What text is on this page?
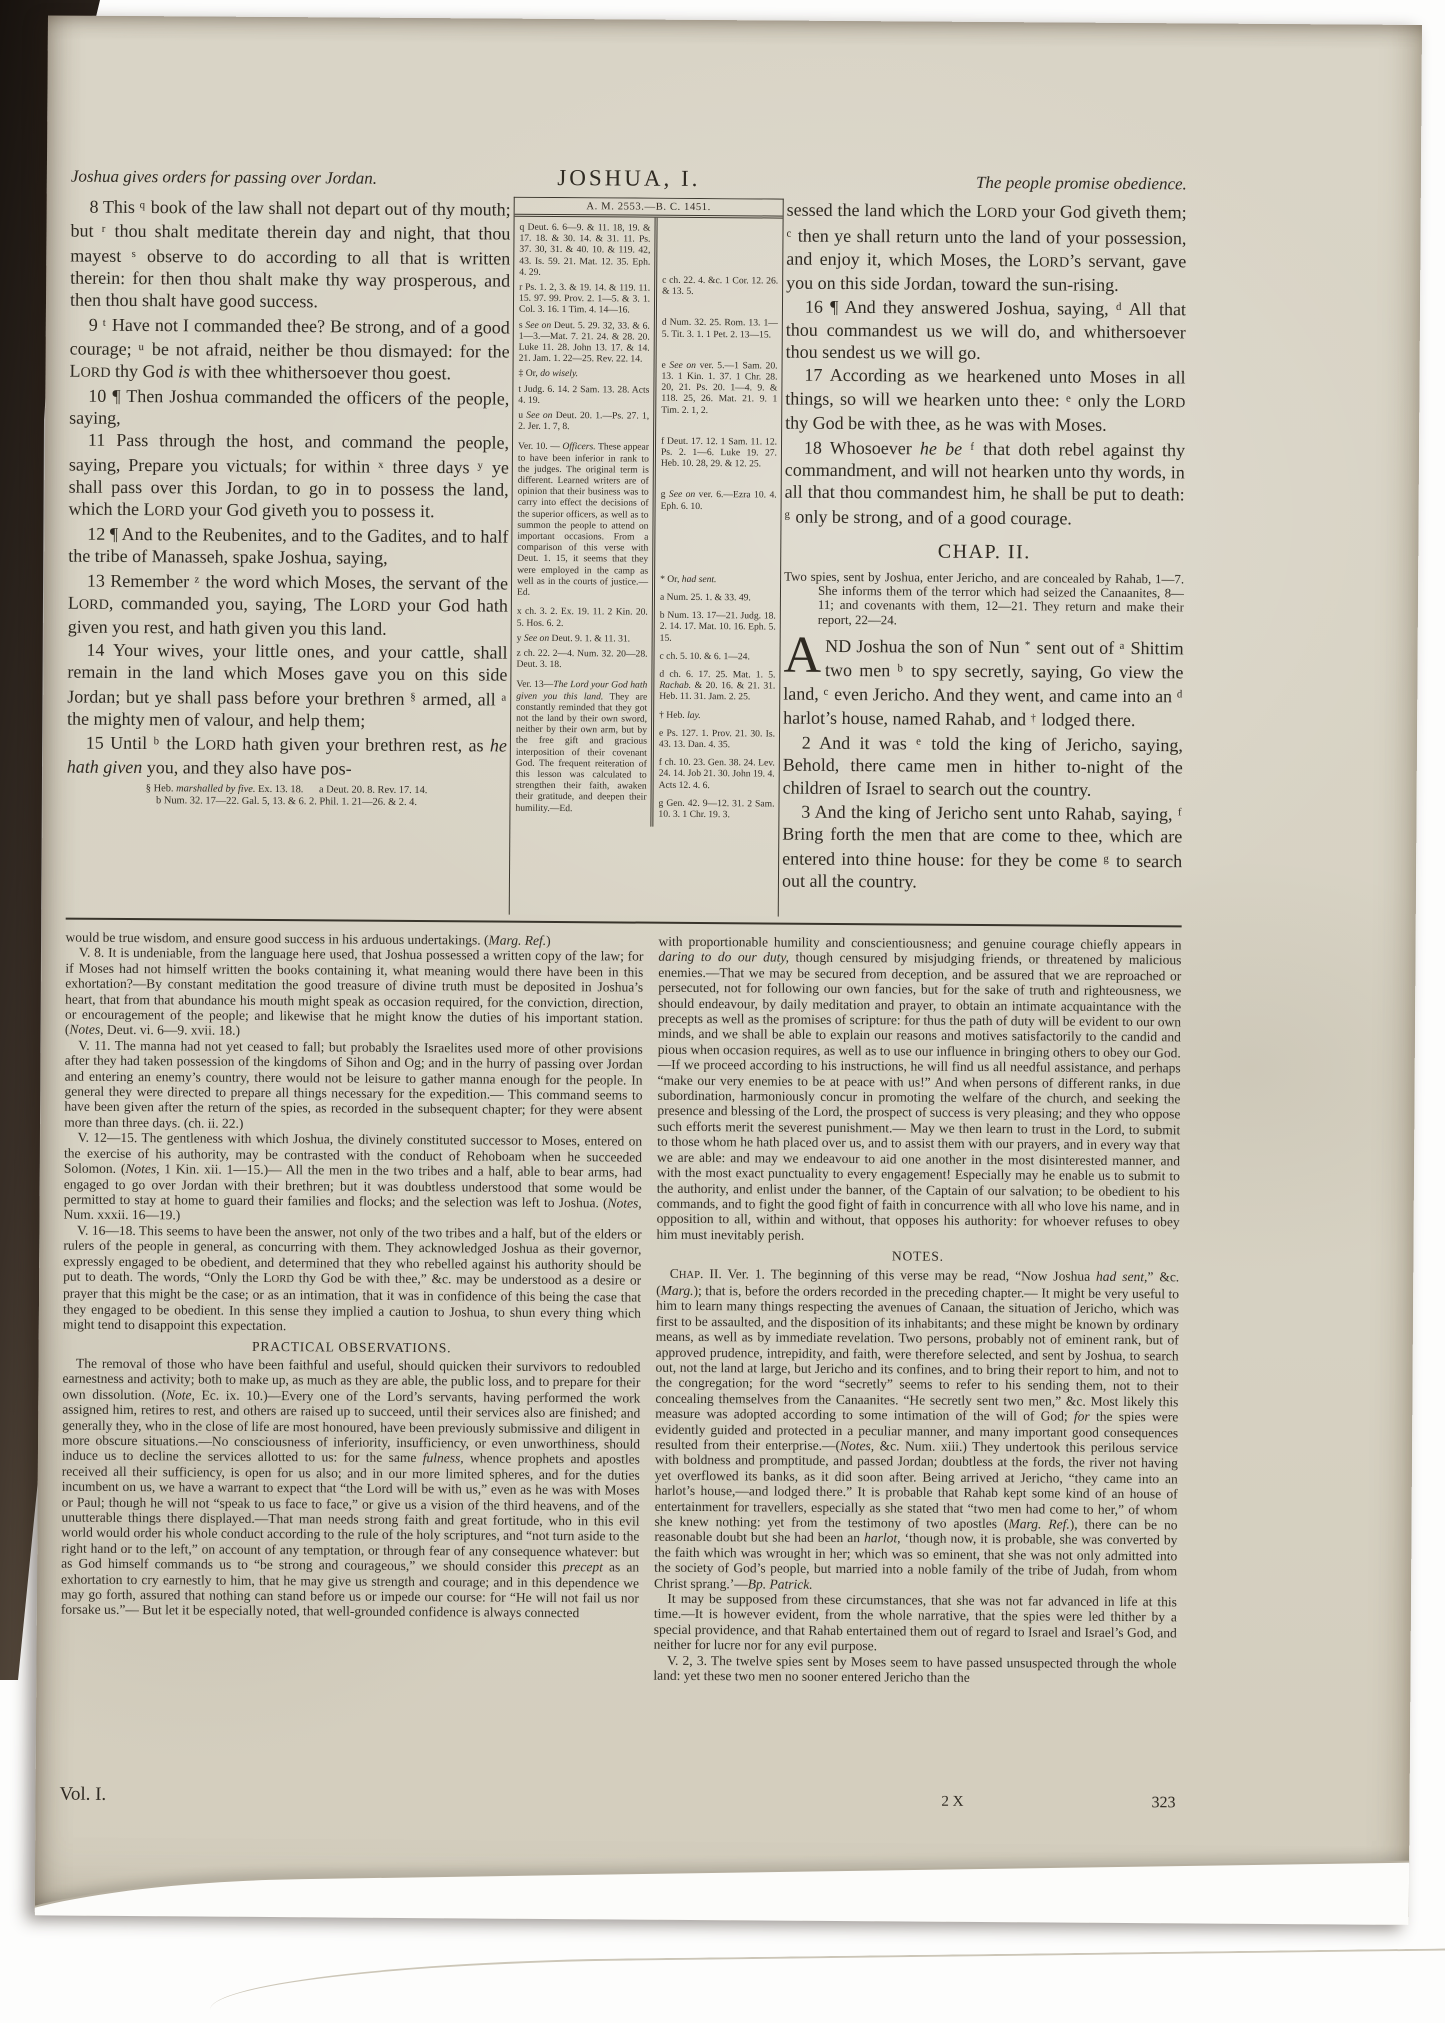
Joshua gives orders for passing over Jordan.	JOSHUA, I.	The people promise obedience.

8 This $^q$ book of the law shall not depart out of thy mouth; but $^r$ thou shalt meditate therein day and night, that thou mayest $^s$ observe to do according to all that is written therein: for then thou shalt make thy way prosperous, and then thou shalt have good success.

9 $^t$ Have not I commanded thee? Be strong, and of a good courage; $^u$ be not afraid, neither be thou dismayed: for the LORD thy God is with thee whithersoever thou goest.

10 ¶ Then Joshua commanded the officers of the people, saying,

11 Pass through the host, and command the people, saying, Prepare you victuals; for within $^x$ three days $^y$ ye shall pass over this Jordan, to go in to possess the land, which the LORD your God giveth you to possess it.

12 ¶ And to the Reubenites, and to the Gadites, and to half the tribe of Manasseh, spake Joshua, saying,

13 Remember $^z$ the word which Moses, the servant of the LORD, commanded you, saying, The LORD your God hath given you rest, and hath given you this land.

14 Your wives, your little ones, and your cattle, shall remain in the land which Moses gave you on this side Jordan; but ye shall pass before your brethren § armed, all $^a$ the mighty men of valour, and help them;

15 Until $^b$ the LORD hath given your brethren rest, as he hath given you, and they also have pos-

§ Heb. marshalled by five. Ex. 13. 18.      a Deut. 20. 8. Rev. 17. 14.

b Num. 32. 17—22. Gal. 5, 13. & 6. 2. Phil. 1. 21—26. & 2. 4.

A. M. 2553.—B. C. 1451.
q Deut. 6. 6—9. & 11. 18, 19. & 17. 18. & 30. 14. & 31. 11. Ps. 37. 30, 31. & 40. 10. & 119. 42, 43. Is. 59. 21. Mat. 12. 35. Eph. 4. 29.
r Ps. 1. 2, 3. & 19. 14. & 119. 11. 15. 97. 99. Prov. 2. 1—5. & 3. 1. Col. 3. 16. 1 Tim. 4. 14—16.
s See on Deut. 5. 29. 32, 33. & 6. 1—3.—Mat. 7. 21. 24. & 28. 20. Luke 11. 28. John 13. 17. & 14. 21. Jam. 1. 22—25. Rev. 22. 14.
‡ Or, do wisely.
t Judg. 6. 14. 2 Sam. 13. 28. Acts 4. 19.
u See on Deut. 20. 1.—Ps. 27. 1, 2. Jer. 1. 7, 8.
Ver. 10. — Officers. These appear to have been inferior in rank to the judges. The original term is different. Learned writers are of opinion that their business was to carry into effect the decisions of the superior officers, as well as to summon the people to attend on important occasions. From a comparison of this verse with Deut. 1. 15, it seems that they were employed in the camp as well as in the courts of justice.—Ed.
x ch. 3. 2. Ex. 19. 11. 2 Kin. 20. 5. Hos. 6. 2.
y See on Deut. 9. 1. & 11. 31.
z ch. 22. 2—4. Num. 32. 20—28. Deut. 3. 18.
Ver. 13—The Lord your God hath given you this land. They are constantly reminded that they got not the land by their own sword, neither by their own arm, but by the free gift and gracious interposition of their covenant God. The frequent reiteration of this lesson was calculated to strengthen their faith, awaken their gratitude, and deepen their humility.—Ed.
c ch. 22. 4. &c. 1 Cor. 12. 26. & 13. 5.
d Num. 32. 25. Rom. 13. 1—5. Tit. 3. 1. 1 Pet. 2. 13—15.
e See on ver. 5.—1 Sam. 20. 13. 1 Kin. 1. 37. 1 Chr. 28. 20, 21. Ps. 20. 1—4. 9. & 118. 25, 26. Mat. 21. 9. 1 Tim. 2. 1, 2.
f Deut. 17. 12. 1 Sam. 11. 12. Ps. 2. 1—6. Luke 19. 27. Heb. 10. 28, 29. & 12. 25.
g See on ver. 6.—Ezra 10. 4. Eph. 6. 10.
* Or, had sent.
a Num. 25. 1. & 33. 49.
b Num. 13. 17—21. Judg. 18. 2. 14. 17. Mat. 10. 16. Eph. 5. 15.
c ch. 5. 10. & 6. 1—24.
d ch. 6. 17. 25. Mat. 1. 5. Rachab. & 20. 16. & 21. 31. Heb. 11. 31. Jam. 2. 25.
† Heb. lay.
e Ps. 127. 1. Prov. 21. 30. Is. 43. 13. Dan. 4. 35.
f ch. 10. 23. Gen. 38. 24. Lev. 24. 14. Job 21. 30. John 19. 4. Acts 12. 4. 6.
g Gen. 42. 9—12. 31. 2 Sam. 10. 3. 1 Chr. 19. 3.

sessed the land which the LORD your God giveth them; $^c$ then ye shall return unto the land of your possession, and enjoy it, which Moses, the LORD’s servant, gave you on this side Jordan, toward the sun-rising.

16 ¶ And they answered Joshua, saying, $^d$ All that thou commandest us we will do, and whithersoever thou sendest us we will go.

17 According as we hearkened unto Moses in all things, so will we hearken unto thee: $^e$ only the LORD thy God be with thee, as he was with Moses.

18 Whosoever he be $^f$ that doth rebel against thy commandment, and will not hearken unto thy words, in all that thou commandest him, he shall be put to death: $^g$ only be strong, and of a good courage.

CHAP. II.
Two spies, sent by Joshua, enter Jericho, and are concealed by Rahab, 1—7. She informs them of the terror which had seized the Canaanites, 8—11; and covenants with them, 12—21. They return and make their report, 22—24.

AND Joshua the son of Nun * sent out of $^a$ Shittim two men $^b$ to spy secretly, saying, Go view the land, $^c$ even Jericho. And they went, and came into an $^d$ harlot’s house, named Rahab, and † lodged there.

2 And it was $^e$ told the king of Jericho, saying, Behold, there came men in hither to-night of the children of Israel to search out the country.

3 And the king of Jericho sent unto Rahab, saying, $^f$ Bring forth the men that are come to thee, which are entered into thine house: for they be come $^g$ to search out all the country.

would be true wisdom, and ensure good success in his arduous undertakings. (Marg. Ref.)

V. 8. It is undeniable, from the language here used, that Joshua possessed a written copy of the law; for if Moses had not himself written the books containing it, what meaning would there have been in this exhortation?—By constant meditation the good treasure of divine truth must be deposited in Joshua’s heart, that from that abundance his mouth might speak as occasion required, for the conviction, direction, or encouragement of the people; and likewise that he might know the duties of his important station. (Notes, Deut. vi. 6—9. xvii. 18.)

V. 11. The manna had not yet ceased to fall; but probably the Israelites used more of other provisions after they had taken possession of the kingdoms of Sihon and Og; and in the hurry of passing over Jordan and entering an enemy’s country, there would not be leisure to gather manna enough for the people. In general they were directed to prepare all things necessary for the expedition.— This command seems to have been given after the return of the spies, as recorded in the subsequent chapter; for they were absent more than three days. (ch. ii. 22.)

V. 12—15. The gentleness with which Joshua, the divinely constituted successor to Moses, entered on the exercise of his authority, may be contrasted with the conduct of Rehoboam when he succeeded Solomon. (Notes, 1 Kin. xii. 1—15.)— All the men in the two tribes and a half, able to bear arms, had engaged to go over Jordan with their brethren; but it was doubtless understood that some would be permitted to stay at home to guard their families and flocks; and the selection was left to Joshua. (Notes, Num. xxxii. 16—19.)

V. 16—18. This seems to have been the answer, not only of the two tribes and a half, but of the elders or rulers of the people in general, as concurring with them. They acknowledged Joshua as their governor, expressly engaged to be obedient, and determined that they who rebelled against his authority should be put to death. The words, “Only the LORD thy God be with thee,” &c. may be understood as a desire or prayer that this might be the case; or as an intimation, that it was in confidence of this being the case that they engaged to be obedient. In this sense they implied a caution to Joshua, to shun every thing which might tend to disappoint this expectation.

PRACTICAL OBSERVATIONS.

The removal of those who have been faithful and useful, should quicken their survivors to redoubled earnestness and activity; both to make up, as much as they are able, the public loss, and to prepare for their own dissolution. (Note, Ec. ix. 10.)—Every one of the Lord’s servants, having performed the work assigned him, retires to rest, and others are raised up to succeed, until their services also are finished; and generally they, who in the close of life are most honoured, have been previously submissive and diligent in more obscure situations.—No consciousness of inferiority, insufficiency, or even unworthiness, should induce us to decline the services allotted to us: for the same fulness, whence prophets and apostles received all their sufficiency, is open for us also; and in our more limited spheres, and for the duties incumbent on us, we have a warrant to expect that “the Lord will be with us,” even as he was with Moses or Paul; though he will not “speak to us face to face,” or give us a vision of the third heavens, and of the unutterable things there displayed.—That man needs strong faith and great fortitude, who in this evil world would order his whole conduct according to the rule of the holy scriptures, and “not turn aside to the right hand or to the left,” on account of any temptation, or through fear of any consequence whatever: but as God himself commands us to “be strong and courageous,” we should consider this precept as an exhortation to cry earnestly to him, that he may give us strength and courage; and in this dependence we may go forth, assured that nothing can stand before us or impede our course: for “He will not fail us nor forsake us.”— But let it be especially noted, that well-grounded confidence is always connected

with proportionable humility and conscientiousness; and genuine courage chiefly appears in daring to do our duty, though censured by misjudging friends, or threatened by malicious enemies.—That we may be secured from deception, and be assured that we are reproached or persecuted, not for following our own fancies, but for the sake of truth and righteousness, we should endeavour, by daily meditation and prayer, to obtain an intimate acquaintance with the precepts as well as the promises of scripture: for thus the path of duty will be evident to our own minds, and we shall be able to explain our reasons and motives satisfactorily to the candid and pious when occasion requires, as well as to use our influence in bringing others to obey our God.—If we proceed according to his instructions, he will find us all needful assistance, and perhaps “make our very enemies to be at peace with us!” And when persons of different ranks, in due subordination, harmoniously concur in promoting the welfare of the church, and seeking the presence and blessing of the Lord, the prospect of success is very pleasing; and they who oppose such efforts merit the severest punishment.— May we then learn to trust in the Lord, to submit to those whom he hath placed over us, and to assist them with our prayers, and in every way that we are able: and may we endeavour to aid one another in the most disinterested manner, and with the most exact punctuality to every engagement! Especially may he enable us to submit to the authority, and enlist under the banner, of the Captain of our salvation; to be obedient to his commands, and to fight the good fight of faith in concurrence with all who love his name, and in opposition to all, within and without, that opposes his authority: for whoever refuses to obey him must inevitably perish.

NOTES.

CHAP. II. Ver. 1. The beginning of this verse may be read, “Now Joshua had sent,” &c. (Marg.); that is, before the orders recorded in the preceding chapter.— It might be very useful to him to learn many things respecting the avenues of Canaan, the situation of Jericho, which was first to be assaulted, and the disposition of its inhabitants; and these might be known by ordinary means, as well as by immediate revelation. Two persons, probably not of eminent rank, but of approved prudence, intrepidity, and faith, were therefore selected, and sent by Joshua, to search out, not the land at large, but Jericho and its confines, and to bring their report to him, and not to the congregation; for the word “secretly” seems to refer to his sending them, not to their concealing themselves from the Canaanites. “He secretly sent two men,” &c. Most likely this measure was adopted according to some intimation of the will of God; for the spies were evidently guided and protected in a peculiar manner, and many important good consequences resulted from their enterprise.—(Notes, &c. Num. xiii.) They undertook this perilous service with boldness and promptitude, and passed Jordan; doubtless at the fords, the river not having yet overflowed its banks, as it did soon after. Being arrived at Jericho, “they came into an harlot’s house,—and lodged there.” It is probable that Rahab kept some kind of an house of entertainment for travellers, especially as she stated that “two men had come to her,” of whom she knew nothing: yet from the testimony of two apostles (Marg. Ref.), there can be no reasonable doubt but she had been an harlot, ‘though now, it is probable, she was converted by the faith which was wrought in her; which was so eminent, that she was not only admitted into the society of God’s people, but married into a noble family of the tribe of Judah, from whom Christ sprang.’—Bp. Patrick.

It may be supposed from these circumstances, that she was not far advanced in life at this time.—It is however evident, from the whole narrative, that the spies were led thither by a special providence, and that Rahab entertained them out of regard to Israel and Israel’s God, and neither for lucre nor for any evil purpose.

V. 2, 3. The twelve spies sent by Moses seem to have passed unsuspected through the whole land: yet these two men no sooner entered Jericho than the

Vol. I.	2 X	323
